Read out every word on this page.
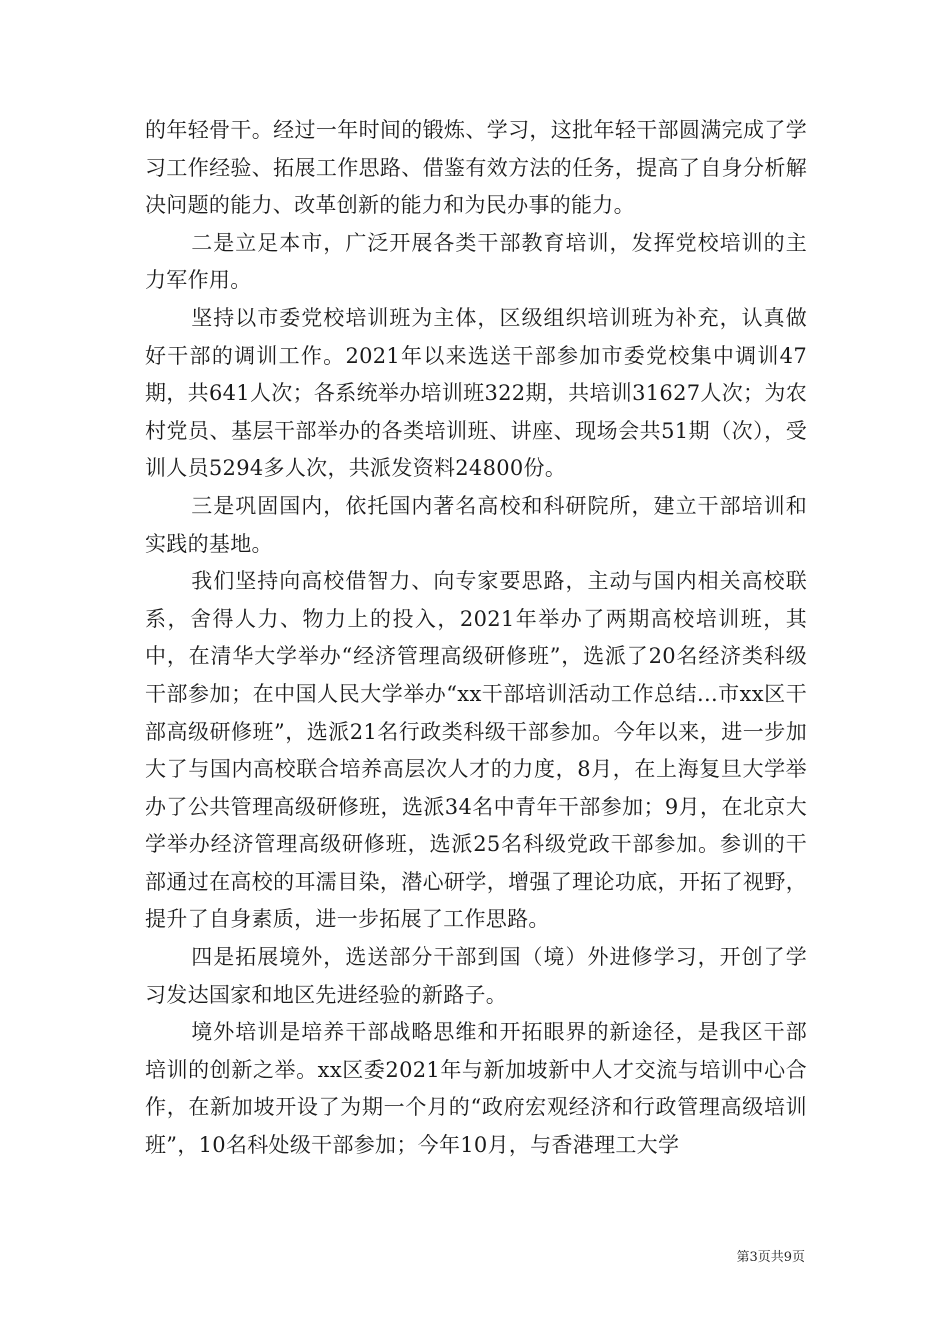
的年轻骨干。经过一年时间的锻炼、学习，这批年轻干部圆满完成了学习工作经验、拓展工作思路、借鉴有效方法的任务，提高了自身分析解决问题的能力、改革创新的能力和为民办事的能力。

二是立足本市，广泛开展各类干部教育培训，发挥党校培训的主力军作用。

坚持以市委党校培训班为主体，区级组织培训班为补充，认真做好干部的调训工作。2021年以来选送干部参加市委党校集中调训47期，共641人次；各系统举办培训班322期，共培训31627人次；为农村党员、基层干部举办的各类培训班、讲座、现场会共51期（次），受训人员5294多人次，共派发资料24800份。

三是巩固国内，依托国内著名高校和科研院所，建立干部培训和实践的基地。

我们坚持向高校借智力、向专家要思路，主动与国内相关高校联系，舍得人力、物力上的投入，2021年举办了两期高校培训班，其中，在清华大学举办“经济管理高级研修班”，选派了20名经济类科级干部参加；在中国人民大学举办“xx干部培训活动工作总结...市xx区干部高级研修班”，选派21名行政类科级干部参加。今年以来，进一步加大了与国内高校联合培养高层次人才的力度，8月，在上海复旦大学举办了公共管理高级研修班，选派34名中青年干部参加；9月，在北京大学举办经济管理高级研修班，选派25名科级党政干部参加。参训的干部通过在高校的耳濡目染，潜心研学，增强了理论功底，开拓了视野，提升了自身素质，进一步拓展了工作思路。

四是拓展境外，选送部分干部到国（境）外进修学习，开创了学习发达国家和地区先进经验的新路子。

境外培训是培养干部战略思维和开拓眼界的新途径，是我区干部培训的创新之举。xx区委2021年与新加坡新中人才交流与培训中心合作，在新加坡开设了为期一个月的“政府宏观经济和行政管理高级培训班”，10名科处级干部参加；今年10月，与香港理工大学

第3页共9页
